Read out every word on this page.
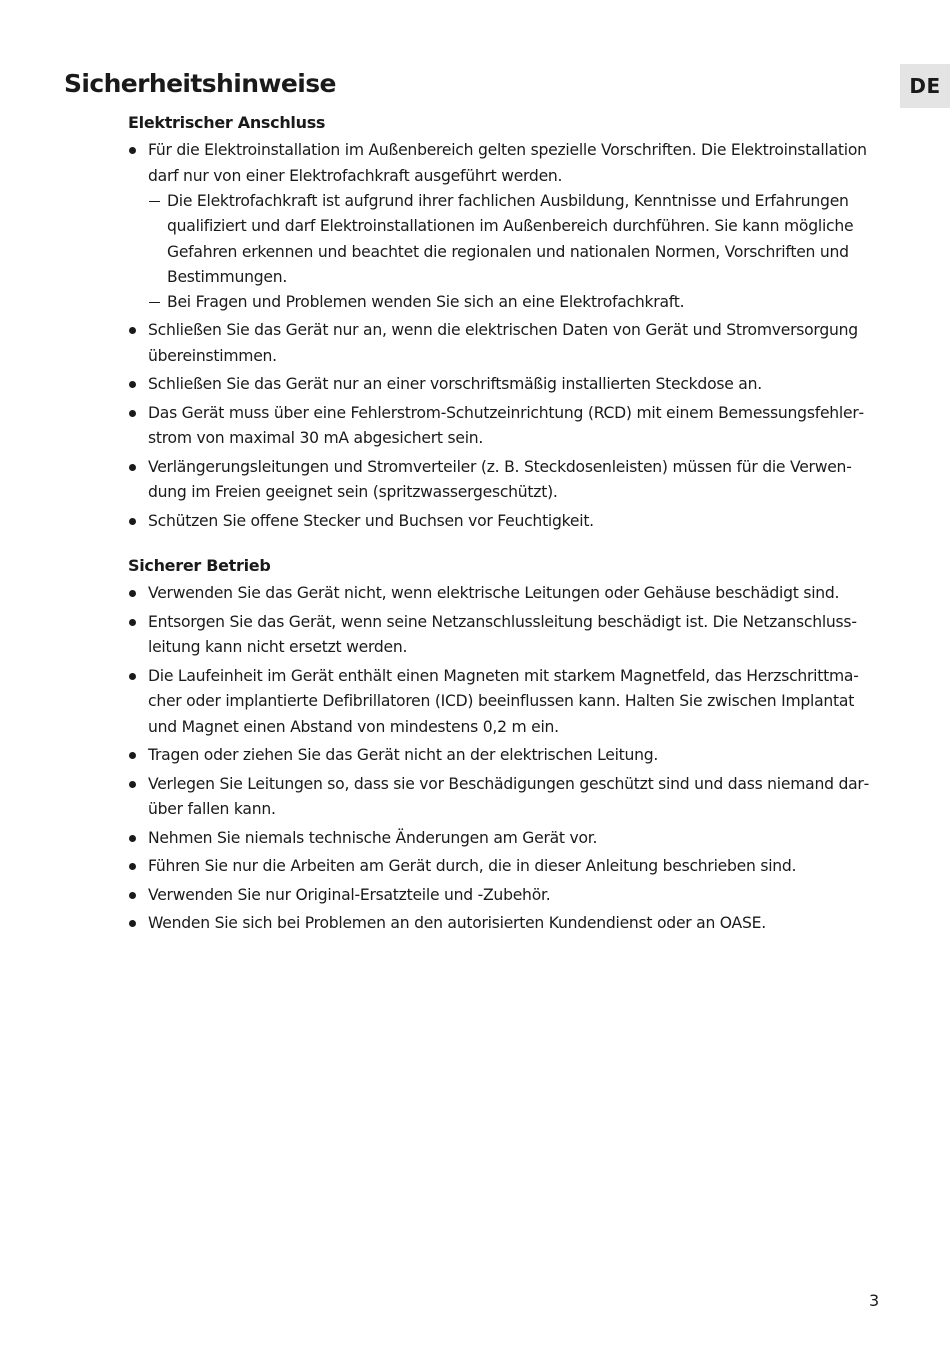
Sicherheitshinweise	DE
Elektrischer Anschluss
Für die Elektroinstallation im Außenbereich gelten spezielle Vorschriften. Die Elektroinstallation darf nur von einer Elektrofachkraft ausgeführt werden.
Die Elektrofachkraft ist aufgrund ihrer fachlichen Ausbildung, Kenntnisse und Erfahrungen qualifiziert und darf Elektroinstallationen im Außenbereich durchführen. Sie kann mögliche Gefahren erkennen und beachtet die regionalen und nationalen Normen, Vorschriften und Bestimmungen.
Bei Fragen und Problemen wenden Sie sich an eine Elektrofachkraft.
Schließen Sie das Gerät nur an, wenn die elektrischen Daten von Gerät und Stromversorgung übereinstimmen.
Schließen Sie das Gerät nur an einer vorschriftsmäßig installierten Steckdose an.
Das Gerät muss über eine Fehlerstrom-Schutzeinrichtung (RCD) mit einem Bemessungsfehlerstrom von maximal 30 mA abgesichert sein.
Verlängerungsleitungen und Stromverteiler (z. B. Steckdosenleisten) müssen für die Verwendung im Freien geeignet sein (spritzwassergeschützt).
Schützen Sie offene Stecker und Buchsen vor Feuchtigkeit.
Sicherer Betrieb
Verwenden Sie das Gerät nicht, wenn elektrische Leitungen oder Gehäuse beschädigt sind.
Entsorgen Sie das Gerät, wenn seine Netzanschlussleitung beschädigt ist. Die Netzanschlussleitung kann nicht ersetzt werden.
Die Laufeinheit im Gerät enthält einen Magneten mit starkem Magnetfeld, das Herzschrittmacher oder implantierte Defibrillatoren (ICD) beeinflussen kann. Halten Sie zwischen Implantat und Magnet einen Abstand von mindestens 0,2 m ein.
Tragen oder ziehen Sie das Gerät nicht an der elektrischen Leitung.
Verlegen Sie Leitungen so, dass sie vor Beschädigungen geschützt sind und dass niemand darüber fallen kann.
Nehmen Sie niemals technische Änderungen am Gerät vor.
Führen Sie nur die Arbeiten am Gerät durch, die in dieser Anleitung beschrieben sind.
Verwenden Sie nur Original-Ersatzteile und -Zubehör.
Wenden Sie sich bei Problemen an den autorisierten Kundendienst oder an OASE.
3
